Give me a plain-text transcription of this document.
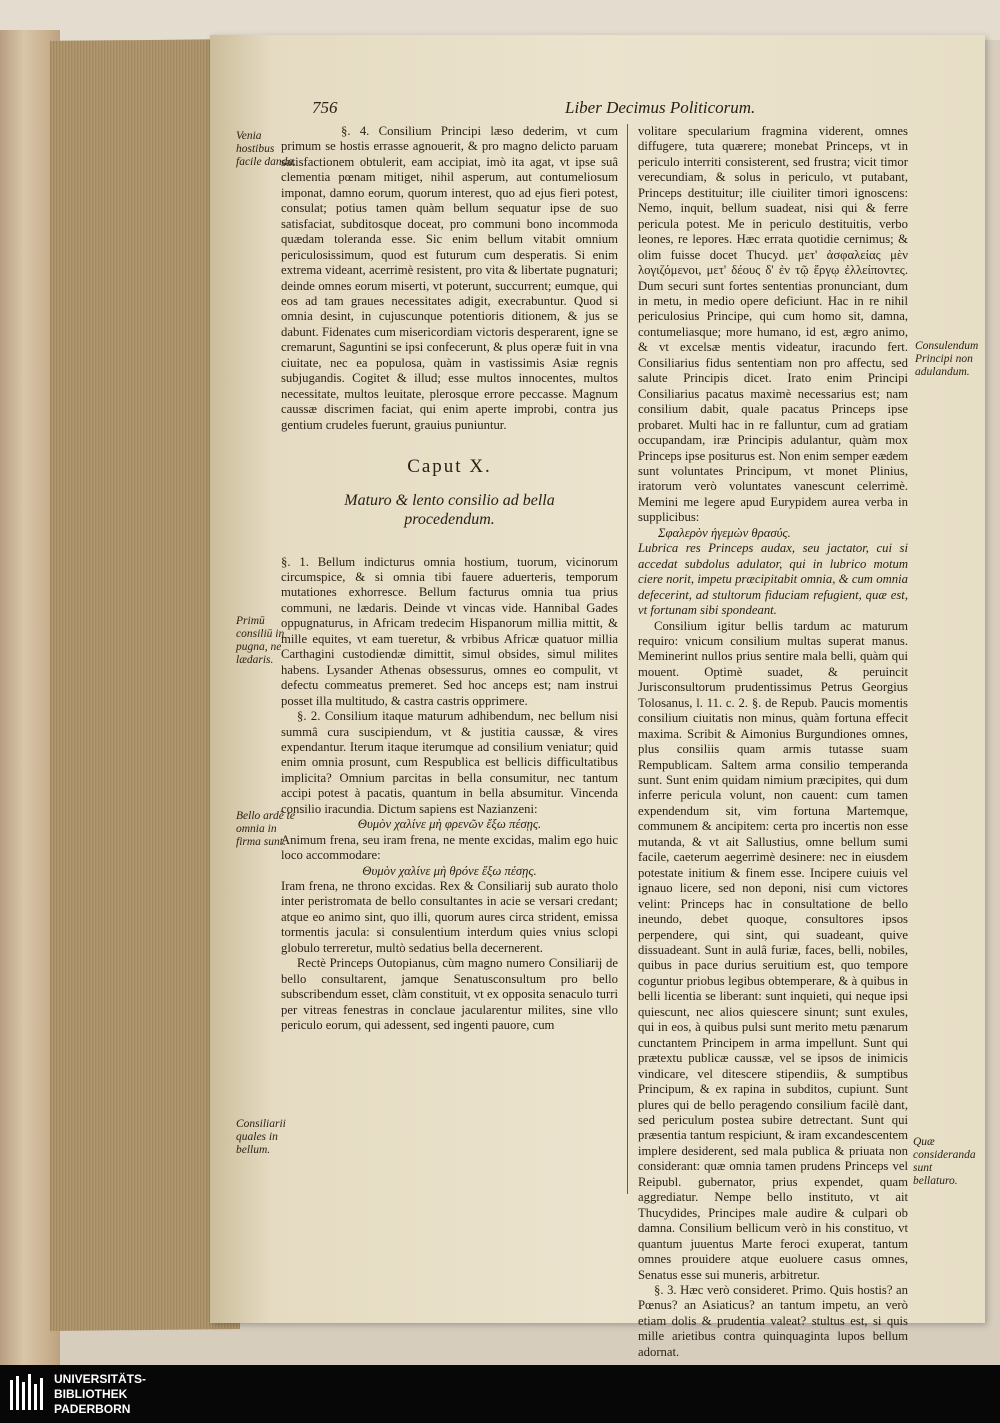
756	Liber Decimus Politicorum.

Venia hostibus facile danda.

Primū consiliū in pugna, ne lædaris.

Bello ardē te omnia in firma sunt.

Consiliarii quales in bellum.

Consulendum Principi non adulandum.

Quæ consideranda sunt bellaturo.

§. 4. Consilium Principi læso dederim, vt cum primum se hostis errasse agnouerit, & pro magno delicto paruam satisfactionem obtulerit, eam accipiat, imò ita agat, vt ipse suâ clementia pœnam mitiget, nihil asperum, aut contumeliosum imponat, damno eorum, quorum interest, quo ad ejus fieri potest, consulat; potius tamen quàm bellum sequatur ipse de suo satisfaciat, subditosque doceat, pro communi bono incommoda quædam toleranda esse. Sic enim bellum vitabit omnium periculosissimum, quod est futurum cum desperatis. Si enim extrema videant, acerrimè resistent, pro vita & libertate pugnaturi; deinde omnes eorum miserti, vt poterunt, succurrent; eumque, qui eos ad tam graues necessitates adigit, execrabuntur. Quod si omnia desint, in cujuscunque potentioris ditionem, & jus se dabunt. Fidenates cum misericordiam victoris desperarent, igne se cremarunt, Saguntini se ipsi confecerunt, & plus operæ fuit in vna ciuitate, nec ea populosa, quàm in vastissimis Asiæ regnis subjugandis. Cogitet & illud; esse multos innocentes, multos necessitate, multos leuitate, plerosque errore peccasse. Magnum caussæ discrimen faciat, qui enim aperte improbi, contra jus gentium crudeles fuerunt, grauius puniuntur.

Caput X.

Maturo & lento consilio ad bella procedendum.

§. 1. Bellum indicturus omnia hostium, tuorum, vicinorum circumspice, & si omnia tibi fauere aduerteris, temporum mutationes exhorresce. Bellum facturus omnia tua prius communi, ne lædaris. Deinde vt vincas vide. Hannibal Gades oppugnaturus, in Africam tredecim Hispanorum millia mittit, & mille equites, vt eam tueretur, & vrbibus Africæ quatuor millia Carthagini custodiendæ dimittit, simul obsides, simul milites habens. Lysander Athenas obsessurus, omnes eo compulit, vt defectu commeatus premeret. Sed hoc anceps est; nam instrui posset illa multitudo, & castra castris opprimere.

§. 2. Consilium itaque maturum adhibendum, nec bellum nisi summâ cura suscipiendum, vt & justitia caussæ, & vires expendantur. Iterum itaque iterumque ad consilium veniatur; quid enim omnia prosunt, cum Respublica est bellicis difficultatibus implicita? Omnium parcitas in bella consumitur, nec tantum accipi potest à pacatis, quantum in bella absumitur. Vincenda consilio iracundia. Dictum sapiens est Nazianzeni:

Θυμὸν χαλίνε μὴ φρενῶν ἔξω πέσῃς.

Animum frena, seu iram frena, ne mente excidas, malim ego huic loco accommodare:

Θυμὸν χαλίνε μὴ θρόνε ἔξω πέσῃς.

Iram frena, ne throno excidas. Rex & Consiliarij sub aurato tholo inter peristromata de bello consultantes in acie se versari credant; atque eo animo sint, quo illi, quorum aures circa strident, emissa tormentis jacula: si consulentium interdum quies vnius sclopi globulo terreretur, multò sedatius bella decernerent.

Rectè Princeps Outopianus, cùm magno numero Consiliarij de bello consultarent, jamque Senatusconsultum pro bello subscribendum esset, clàm constituit, vt ex opposita senaculo turri per vitreas fenestras in conclaue jacularentur milites, sine vllo periculo eorum, qui adessent, sed ingenti pauore, cum

volitare specularium fragmina viderent, omnes diffugere, tuta quærere; monebat Princeps, vt in periculo interriti consisterent, sed frustra; vicit timor verecundiam, & solus in periculo, vt putabant, Princeps destituitur; ille ciuiliter timori ignoscens: Nemo, inquit, bellum suadeat, nisi qui & ferre pericula potest. Me in periculo destituitis, verbo leones, re lepores. Hæc errata quotidie cernimus; & olim fuisse docet Thucyd. μετ' ἀσφαλείας μὲν λογιζόμενοι, μετ' δέους δ' ἐν τῷ ἔργῳ ἐλλείποντες. Dum securi sunt fortes sententias pronunciant, dum in metu, in medio opere deficiunt. Hac in re nihil periculosius Principe, qui cum homo sit, damna, contumeliasque; more humano, id est, ægro animo, & vt excelsæ mentis videatur, iracundo fert. Consiliarius fidus sententiam non pro affectu, sed salute Principis dicet. Irato enim Principi Consiliarius pacatus maximè necessarius est; nam consilium dabit, quale pacatus Princeps ipse probaret. Multi hac in re falluntur, cum ad gratiam occupandam, iræ Principis adulantur, quàm mox Princeps ipse positurus est. Non enim semper eædem sunt voluntates Principum, vt monet Plinius, iratorum verò voluntates vanescunt celerrimè. Memini me legere apud Eurypidem aurea verba in supplicibus:

Σφαλερὸν ἡγεμὼν θρασύς.

Lubrica res Princeps audax, seu jactator, cui si accedat subdolus adulator, qui in lubrico motum ciere norit, impetu præcipitabit omnia, & cum omnia defecerint, ad stultorum fiduciam refugient, quæ est, vt fortunam sibi spondeant.

Consilium igitur bellis tardum ac maturum requiro: vnicum consilium multas superat manus. Meminerint nullos prius sentire mala belli, quàm qui mouent. Optimè suadet, & peruincit Jurisconsultorum prudentissimus Petrus Georgius Tolosanus, l. 11. c. 2. §. de Repub. Paucis momentis consilium ciuitatis non minus, quàm fortuna effecit maxima. Scribit & Aimonius Burgundiones omnes, plus consiliis quam armis tutasse suam Rempublicam. Saltem arma consilio temperanda sunt. Sunt enim quidam nimium præcipites, qui dum inferre pericula volunt, non cauent: cum tamen expendendum sit, vim fortuna Martemque, communem & ancipitem: certa pro incertis non esse mutanda, & vt ait Sallustius, omne bellum sumi facile, caeterum aegerrimè desinere: nec in eiusdem potestate initium & finem esse. Incipere cuiuis vel ignauo licere, sed non deponi, nisi cum victores velint: Princeps hac in consultatione de bello ineundo, debet quoque, consultores ipsos perpendere, qui sint, qui suadeant, quive dissuadeant. Sunt in aulâ furiæ, faces, belli, nobiles, quibus in pace durius seruitium est, quo tempore coguntur priobus legibus obtemperare, & à quibus in belli licentia se liberant: sunt inquieti, qui neque ipsi quiescunt, nec alios quiescere sinunt; sunt exules, qui in eos, à quibus pulsi sunt merito metu pænarum cunctantem Principem in arma impellunt. Sunt qui prætextu publicæ caussæ, vel se ipsos de inimicis vindicare, vel ditescere stipendiis, & sumptibus Principum, & ex rapina in subditos, cupiunt. Sunt plures qui de bello peragendo consilium facilè dant, sed periculum postea subire detrectant. Sunt qui præsentia tantum respiciunt, & iram excandescentem implere desiderent, sed mala publica & priuata non considerant: quæ omnia tamen prudens Princeps vel Reipubl. gubernator, prius expendet, quam aggrediatur. Nempe bello instituto, vt ait Thucydides, Principes male audire & culpari ob damna. Consilium bellicum verò in his constituo, vt quantum juuentus Marte feroci exuperat, tantum omnes prouidere atque euoluere casus omnes, Senatus esse sui muneris, arbitretur.

§. 3. Hæc verò consideret. Primo. Quis hostis? an Pœnus? an Asiaticus? an tantum impetu, an verò etiam dolis & prudentia valeat? stultus est, si quis mille arietibus contra quinquaginta lupos bellum adornat.

UNIVERSITÄTS-
BIBLIOTHEK
PADERBORN
